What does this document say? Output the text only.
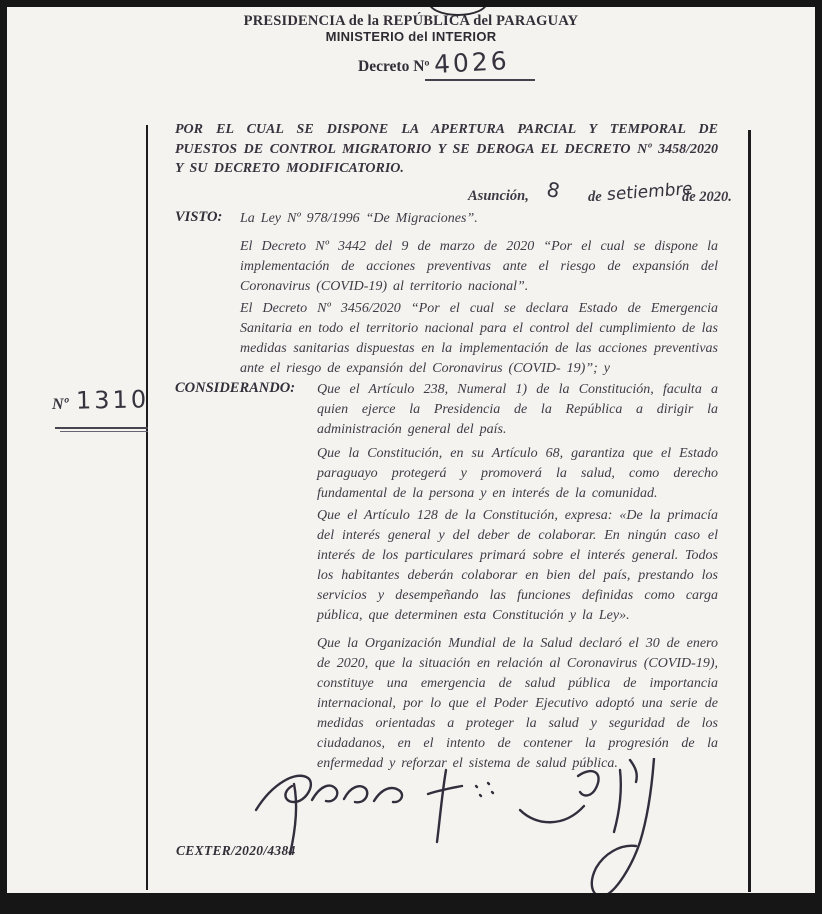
PRESIDENCIA de la REPÚBLICA del PARAGUAY
MINISTERIO del INTERIOR
Decreto Nº 4026
POR EL CUAL SE DISPONE LA APERTURA PARCIAL Y TEMPORAL DE PUESTOS DE CONTROL MIGRATORIO Y SE DEROGA EL DECRETO Nº 3458/2020 Y SU DECRETO MODIFICATORIO.
Asunción, 8 de setiembre
de 2020.
VISTO: La Ley Nº 978/1996 “De Migraciones”.
El Decreto Nº 3442 del 9 de marzo de 2020 “Por el cual se dispone la implementación de acciones preventivas ante el riesgo de expansión del Coronavirus (COVID-19) al territorio nacional”.
El Decreto Nº 3456/2020 “Por el cual se declara Estado de Emergencia Sanitaria en todo el territorio nacional para el control del cumplimiento de las medidas sanitarias dispuestas en la implementación de las acciones preventivas ante el riesgo de expansión del Coronavirus (COVID- 19)”; y
CONSIDERANDO: Que el Artículo 238, Numeral 1) de la Constitución, faculta a quien ejerce la Presidencia de la República a dirigir la administración general del país.
Que la Constitución, en su Artículo 68, garantiza que el Estado paraguayo protegerá y promoverá la salud, como derecho fundamental de la persona y en interés de la comunidad.
Que el Artículo 128 de la Constitución, expresa: «De la primacía del interés general y del deber de colaborar. En ningún caso el interés de los particulares primará sobre el interés general. Todos los habitantes deberán colaborar en bien del país, prestando los servicios y desempeñando las funciones definidas como carga pública, que determinen esta Constitución y la Ley».
Que la Organización Mundial de la Salud declaró el 30 de enero de 2020, que la situación en relación al Coronavirus (COVID-19), constituye una emergencia de salud pública de importancia internacional, por lo que el Poder Ejecutivo adoptó una serie de medidas orientadas a proteger la salud y seguridad de los ciudadanos, en el intento de contener la progresión de la enfermedad y reforzar el sistema de salud pública.
Nº 1310
CEXTER/2020/4384
